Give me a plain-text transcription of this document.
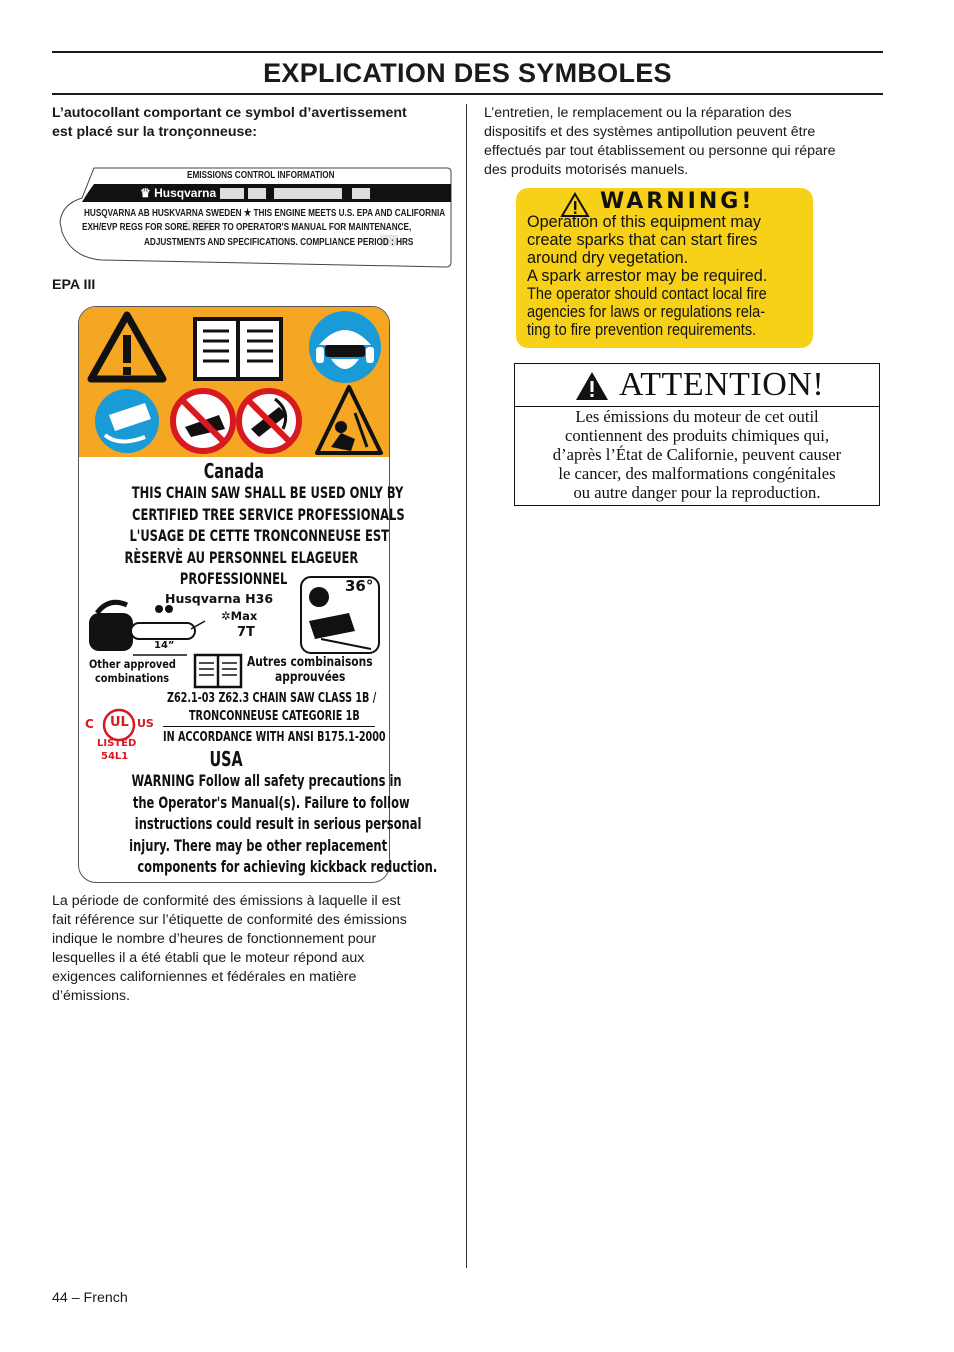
EXPLICATION DES SYMBOLES
L’autocollant comportant ce symbol d’avertissement
est placé sur la tronçonneuse:
EMISSIONS CONTROL INFORMATION
♛ Husqvarna
HUSQVARNA AB HUSKVARNA SWEDEN ★ THIS ENGINE MEETS U.S. EPA AND CALIFORNIA
EXH/EVP REGS FOR SORE. REFER TO OPERATOR'S MANUAL FOR MAINTENANCE,
ADJUSTMENTS AND SPECIFICATIONS. COMPLIANCE PERIOD : HRS
EPA III
Canada
THIS CHAIN SAW SHALL BE USED ONLY BY
CERTIFIED TREE SERVICE PROFESSIONALS
L'USAGE DE CETTE TRONCONNEUSE EST
RÈSERVÈ AU PERSONNEL ELAGEUER
PROFESSIONNEL
Husqvarna H36
✲Max
7T
14”
36°
Other approved
combinations
Autres combinaisons
approuvées
Z62.1-03 Z62.3 CHAIN SAW CLASS 1B /
TRONCONNEUSE CATEGORIE 1B
IN ACCORDANCE WITH ANSI B175.1-2000
C UL US
LISTED
54L1	USA
WARNING Follow all safety precautions in
the Operator's Manual(s). Failure to follow
instructions could result in serious personal
injury. There may be other replacement
components for achieving kickback reduction.
La période de conformité des émissions à laquelle il est
fait référence sur l’étiquette de conformité des émissions
indique le nombre d’heures de fonctionnement pour
lesquelles il a été établi que le moteur répond aux
exigences californiennes et fédérales en matière
d’émissions.
L’entretien, le remplacement ou la réparation des
dispositifs et des systèmes antipollution peuvent être
effectués par tout établissement ou personne qui répare
des produits motorisés manuels.
WARNING!
Operation of this equipment may
create sparks that can start fires
around dry vegetation.
A spark arrestor may be required.
The operator should contact local fire
agencies for laws or regulations rela-
ting to fire prevention requirements.
ATTENTION!
Les émissions du moteur de cet outil
contiennent des produits chimiques qui,
d’après l’État de Californie, peuvent causer
le cancer, des malformations congénitales
ou autre danger pour la reproduction.
44 – French
